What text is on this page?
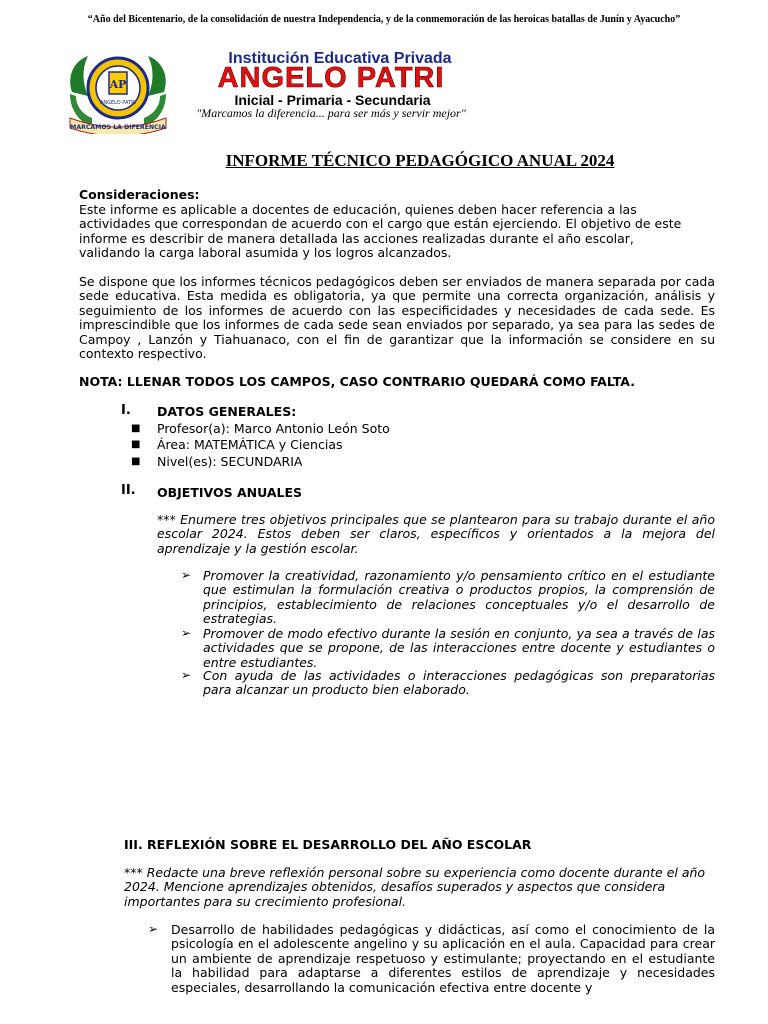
“Año del Bicentenario, de la consolidación de nuestra Independencia, y de la conmemoración de las heroicas batallas de Junín y Ayacucho”
AP
ANGELO PATRI
MARCAMOS LA DIFERENCIA
Institución Educativa Privada
ANGELO PATRI
Inicial - Primaria - Secundaria
"Marcamos la diferencia... para ser más y servir mejor"
INFORME TÉCNICO PEDAGÓGICO ANUAL 2024
Consideraciones:
Este informe es aplicable a docentes de educación, quienes deben hacer referencia a las
actividades que correspondan de acuerdo con el cargo que están ejerciendo. El objetivo de este
informe es describir de manera detallada las acciones realizadas durante el año escolar,
validando la carga laboral asumida y los logros alcanzados.
Se dispone que los informes técnicos pedagógicos deben ser enviados de manera separada por cada sede educativa. Esta medida es obligatoria, ya que permite una correcta organización, análisis y seguimiento de los informes de acuerdo con las especificidades y necesidades de cada sede. Es imprescindible que los informes de cada sede sean enviados por separado, ya sea para las sedes de Campoy , Lanzón y Tiahuanaco, con el fin de garantizar que la información se considere en su contexto respectivo.
NOTA: LLENAR TODOS LOS CAMPOS, CASO CONTRARIO QUEDARÁ COMO FALTA.
I. DATOS GENERALES:
■ Profesor(a): Marco Antonio León Soto
■ Área: MATEMÁTICA y Ciencias
■ Nivel(es): SECUNDARIA
II. OBJETIVOS ANUALES
*** Enumere tres objetivos principales que se plantearon para su trabajo durante el año escolar 2024. Estos deben ser claros, específicos y orientados a la mejora del aprendizaje y la gestión escolar.
➢ Promover la creatividad, razonamiento y/o pensamiento crítico en el estudiante que estimulan la formulación creativa o productos propios, la comprensión de principios, establecimiento de relaciones conceptuales y/o el desarrollo de estrategias.
➢ Promover de modo efectivo durante la sesión en conjunto, ya sea a través de las actividades que se propone, de las interacciones entre docente y estudiantes o entre estudiantes.
➢ Con ayuda de las actividades o interacciones pedagógicas son preparatorias para alcanzar un producto bien elaborado.
III. REFLEXIÓN SOBRE EL DESARROLLO DEL AÑO ESCOLAR
*** Redacte una breve reflexión personal sobre su experiencia como docente durante el año 2024. Mencione aprendizajes obtenidos, desafíos superados y aspectos que considera importantes para su crecimiento profesional.
➢ Desarrollo de habilidades pedagógicas y didácticas, así como el conocimiento de la psicología en el adolescente angelino y su aplicación en el aula. Capacidad para crear un ambiente de aprendizaje respetuoso y estimulante; proyectando en el estudiante la habilidad para adaptarse a diferentes estilos de aprendizaje y necesidades especiales, desarrollando la comunicación efectiva entre docente y
